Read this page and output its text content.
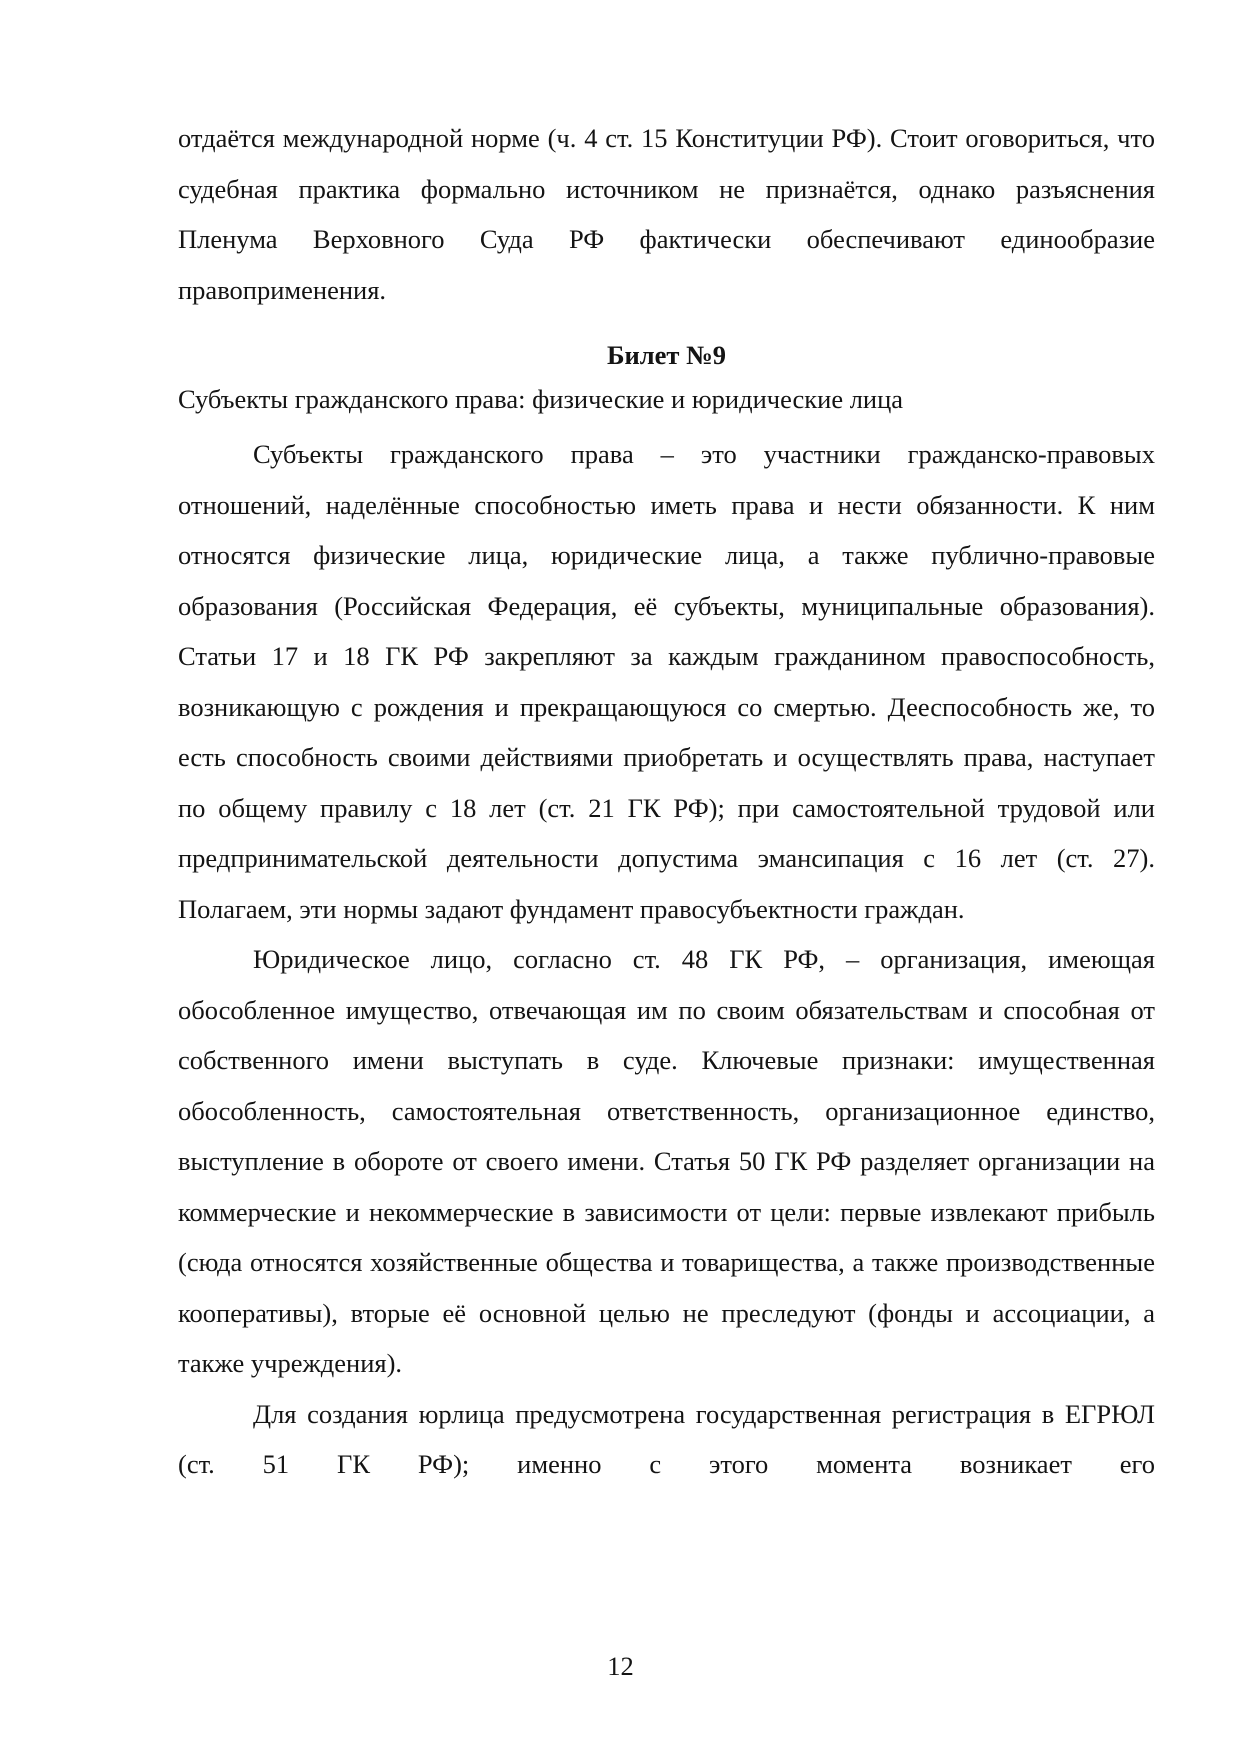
отдаётся международной норме (ч. 4 ст. 15 Конституции РФ). Стоит оговориться, что судебная практика формально источником не признаётся, однако разъяснения Пленума Верховного Суда РФ фактически обеспечивают единообразие правоприменения.

Билет №9

Субъекты гражданского права: физические и юридические лица

Субъекты гражданского права – это участники гражданско-правовых отношений, наделённые способностью иметь права и нести обязанности. К ним относятся физические лица, юридические лица, а также публично-правовые образования (Российская Федерация, её субъекты, муниципальные образования). Статьи 17 и 18 ГК РФ закрепляют за каждым гражданином правоспособность, возникающую с рождения и прекращающуюся со смертью. Дееспособность же, то есть способность своими действиями приобретать и осуществлять права, наступает по общему правилу с 18 лет (ст. 21 ГК РФ); при самостоятельной трудовой или предпринимательской деятельности допустима эмансипация с 16 лет (ст. 27). Полагаем, эти нормы задают фундамент правосубъектности граждан.

Юридическое лицо, согласно ст. 48 ГК РФ, – организация, имеющая обособленное имущество, отвечающая им по своим обязательствам и способная от собственного имени выступать в суде. Ключевые признаки: имущественная обособленность, самостоятельная ответственность, организационное единство, выступление в обороте от своего имени. Статья 50 ГК РФ разделяет организации на коммерческие и некоммерческие в зависимости от цели: первые извлекают прибыль (сюда относятся хозяйственные общества и товарищества, а также производственные кооперативы), вторые её основной целью не преследуют (фонды и ассоциации, а также учреждения).

Для создания юрлица предусмотрена государственная регистрация в ЕГРЮЛ (ст. 51 ГК РФ); именно с этого момента возникает его

12
